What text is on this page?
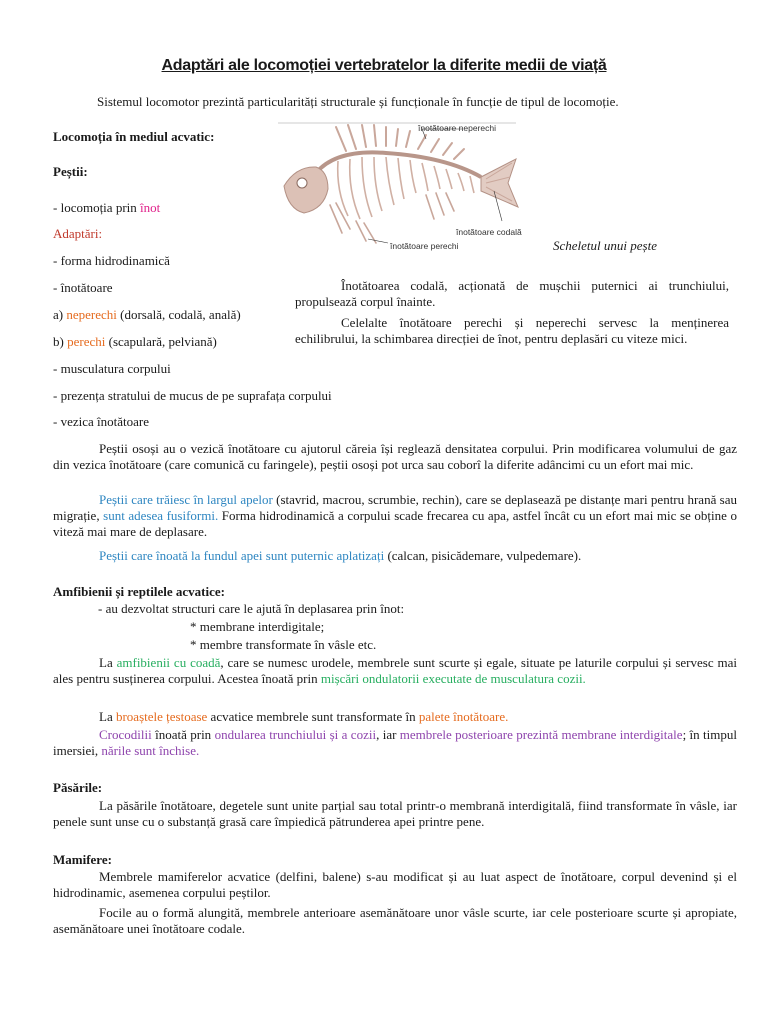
Adaptări ale locomoției vertebratelor la diferite medii de viață
Sistemul locomotor prezintă particularități structurale și funcționale în funcție de tipul de locomoție.
Locomoția în mediul acvatic:
Peștii:
- locomoția prin înot
Adaptări:
- forma hidrodinamică
- înotătoare
a) neperechi (dorsală, codală, anală)
b) perechi (scapulară, pelviană)
- musculatura corpului
- prezența stratului de mucus de pe suprafața corpului
- vezica înotătoare
înotătoare neperechi
înotătoare codală
înotătoare perechi	Scheletul unui pește
Înotătoarea codală, acționată de mușchii puternici ai trunchiului, propulsează corpul înainte.
Celelalte înotătoare perechi și neperechi servesc la menținerea echilibrului, la schimbarea direcției de înot, pentru deplasări cu viteze mici.
Peștii osoși au o vezică înotătoare cu ajutorul căreia își reglează densitatea corpului. Prin modificarea volumului de gaz din vezica înotătoare (care comunică cu faringele), peștii osoși pot urca sau coborî la diferite adâncimi cu un efort mai mic.
Peștii care trăiesc în largul apelor (stavrid, macrou, scrumbie, rechin), care se deplasează pe distanțe mari pentru hrană sau migrație, sunt adesea fusiformi. Forma hidrodinamică a corpului scade frecarea cu apa, astfel încât cu un efort mai mic se obține o viteză mai mare de deplasare.
Peștii care înoată la fundul apei sunt puternic aplatizați (calcan, pisicădemare, vulpedemare).
Amfibienii și reptilele acvatice:
- au dezvoltat structuri care le ajută în deplasarea prin înot:
* membrane interdigitale;
* membre transformate în vâsle etc.
La amfibienii cu coadă, care se numesc urodele, membrele sunt scurte și egale, situate pe laturile corpului și servesc mai ales pentru susținerea corpului. Acestea înoată prin mișcări ondulatorii executate de musculatura cozii.
La broaștele țestoase acvatice membrele sunt transformate în palete înotătoare.
Crocodilii înoată prin ondularea trunchiului și a cozii, iar membrele posterioare prezintă membrane interdigitale; în timpul imersiei, nările sunt închise.
Păsările:
La păsările înotătoare, degetele sunt unite parțial sau total printr-o membrană interdigitală, fiind transformate în vâsle, iar penele sunt unse cu o substanță grasă care împiedică pătrunderea apei printre pene.
Mamifere:
Membrele mamiferelor acvatice (delfini, balene) s-au modificat și au luat aspect de înotătoare, corpul devenind și el hidrodinamic, asemenea corpului peștilor.
Focile au o formă alungită, membrele anterioare asemănătoare unor vâsle scurte, iar cele posterioare scurte și apropiate, asemănătoare unei înotătoare codale.
